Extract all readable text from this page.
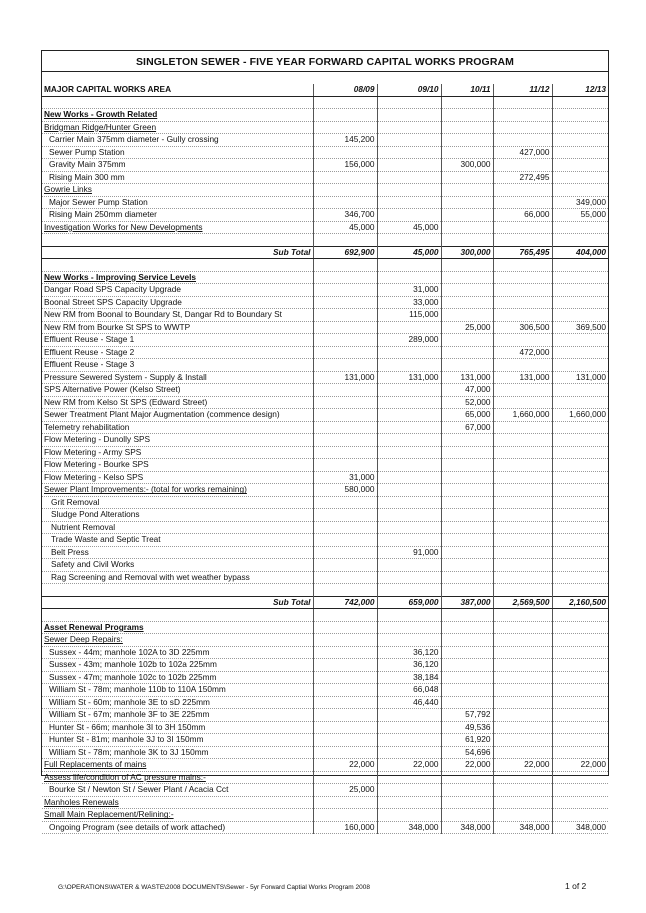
SINGLETON SEWER - FIVE YEAR FORWARD CAPITAL WORKS PROGRAM
MAJOR CAPITAL WORKS AREA	08/09	09/10	10/11	11/12	12/13

New Works - Growth Related					
Bridgman Ridge/Hunter Green					
Carrier Main 375mm diameter - Gully crossing	145,200				
Sewer Pump Station				427,000	
Gravity Main 375mm	156,000		300,000		
Rising Main 300 mm				272,495	
Gowrie Links					
Major Sewer Pump Station					349,000
Rising Main 250mm diameter	346,700			66,000	55,000
Investigation Works for New Developments	45,000	45,000			

Sub Total	692,900	45,000	300,000	765,495	404,000

New Works - Improving Service Levels					
Dangar Road SPS Capacity Upgrade		31,000			
Boonal Street SPS Capacity Upgrade		33,000			
New RM from Boonal to Boundary St, Dangar Rd to Boundary St		115,000			
New RM from Bourke St SPS to WWTP			25,000	306,500	369,500
Effluent Reuse - Stage 1		289,000			
Effluent Reuse - Stage 2				472,000	
Effluent Reuse - Stage 3					
Pressure Sewered System - Supply & Install	131,000	131,000	131,000	131,000	131,000
SPS Alternative Power (Kelso Street)			47,000		
New RM from Kelso St SPS (Edward Street)			52,000		
Sewer Treatment Plant Major Augmentation (commence design)			65,000	1,660,000	1,660,000
Telemetry rehabilitation			67,000		
Flow Metering - Dunolly SPS					
Flow Metering - Army SPS					
Flow Metering - Bourke SPS					
Flow Metering - Kelso SPS	31,000				
Sewer Plant Improvements:- (total for works remaining)	580,000				
Grit Removal					
Sludge Pond Alterations					
Nutrient Removal					
Trade Waste and Septic Treat					
Belt Press		91,000			
Safety and Civil Works					
Rag Screening and Removal with wet weather bypass					

Sub Total	742,000	659,000	387,000	2,569,500	2,160,500

Asset Renewal Programs					
Sewer Deep Repairs:					
Sussex - 44m; manhole 102A to 3D 225mm		36,120			
Sussex - 43m; manhole 102b to 102a 225mm		36,120			
Sussex - 47m; manhole 102c to 102b 225mm		38,184			
William St - 78m; manhole 110b to 110A 150mm		66,048			
William St - 60m; manhole 3E to sD 225mm		46,440			
William St - 67m; manhole 3F to 3E 225mm			57,792		
Hunter St - 66m; manhole 3I to 3H 150mm			49,536		
Hunter St - 81m; manhole 3J to 3I 150mm			61,920		
William St - 78m; manhole 3K to 3J 150mm			54,696		
Full Replacements of mains	22,000	22,000	22,000	22,000	22,000
Assess life/condition of AC pressure mains:-					
Bourke St / Newton St / Sewer Plant / Acacia Cct	25,000				
Manholes Renewals					
Small Main Replacement/Relining:-					
Ongoing Program (see details of work attached)	160,000	348,000	348,000	348,000	348,000
G:\OPERATIONS\WATER & WASTE\2008 DOCUMENTS\Sewer - 5yr Forward Captial Works Program 2008	1 of 2
